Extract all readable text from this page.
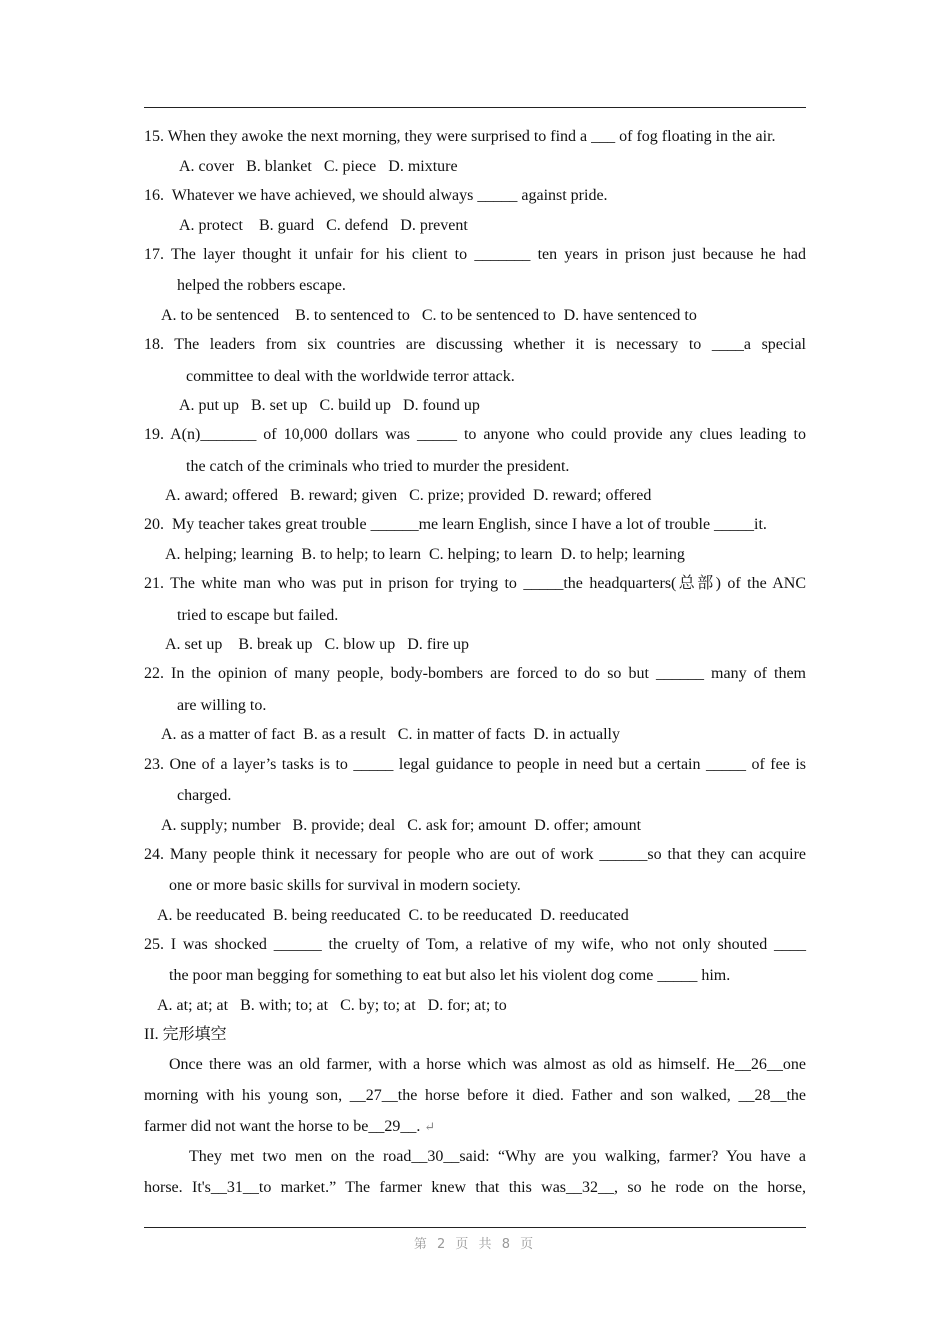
15. When they awoke the next morning, they were surprised to find a ___ of fog floating in the air.
A. cover   B. blanket   C. piece   D. mixture
16.  Whatever we have achieved, we should always _____ against pride.
A. protect    B. guard   C. defend   D. prevent
17. The layer thought it unfair for his client to _______ ten years in prison just because he had
helped the robbers escape.
A. to be sentenced    B. to sentenced to   C. to be sentenced to  D. have sentenced to
18. The leaders from six countries are discussing whether it is necessary to ____a special
committee to deal with the worldwide terror attack.
A. put up   B. set up   C. build up   D. found up
19. A(n)_______ of 10,000 dollars was _____ to anyone who could provide any clues leading to
the catch of the criminals who tried to murder the president.
A. award; offered   B. reward; given   C. prize; provided  D. reward; offered
20.  My teacher takes great trouble ______me learn English, since I have a lot of trouble _____it.
A. helping; learning  B. to help; to learn  C. helping; to learn  D. to help; learning
21. The white man who was put in prison for trying to _____the headquarters(总部) of the ANC
tried to escape but failed.
A. set up    B. break up   C. blow up   D. fire up
22. In the opinion of many people, body-bombers are forced to do so but ______ many of them
are willing to.
A. as a matter of fact  B. as a result   C. in matter of facts  D. in actually
23. One of a layer’s tasks is to _____ legal guidance to people in need but a certain _____ of fee is
charged.
A. supply; number   B. provide; deal   C. ask for; amount  D. offer; amount
24. Many people think it necessary for people who are out of work ______so that they can acquire
one or more basic skills for survival in modern society.
A. be reeducated  B. being reeducated  C. to be reeducated  D. reeducated
25. I was shocked ______ the cruelty of Tom, a relative of my wife, who not only shouted ____
the poor man begging for something to eat but also let his violent dog come _____ him.
A. at; at; at   B. with; to; at   C. by; to; at   D. for; at; to
II. 完形填空
Once there was an old farmer, with a horse which was almost as old as himself. He__26__one
morning with his young son, __27__the horse before it died. Father and son walked, __28__the
farmer did not want the horse to be__29__. ↵
They met two men on the road__30__said: “Why are you walking, farmer? You have a
horse. It's__31__to market.” The farmer knew that this was__32__, so he rode on the horse,
第 2 页 共 8 页
